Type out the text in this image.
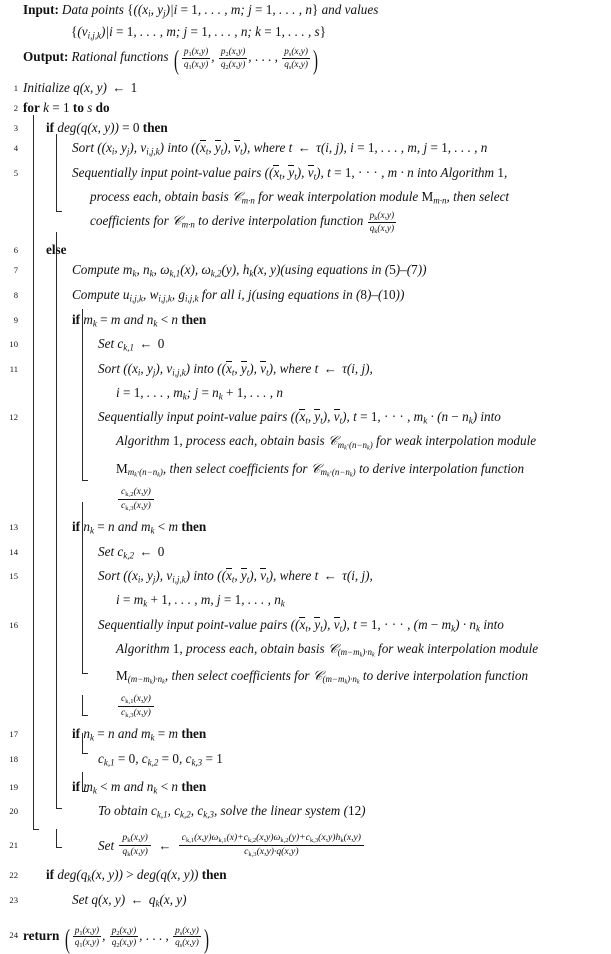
Input: Data points {(($x_i$, $y_j)|i = 1$, . . . , m; j = 1, . . . , n} and values
{$(v_{i,j,k})|i = 1$, . . . , m; j = 1, . . . , n; k = 1, . . . , s}
Output: Rational functions ( $\frac{p1(x,y)}{q1(x,y)}$ , $\frac{p2(x,y)}{q2(x,y)}$ , . . . , $\frac{ps(x,y)}{qs(x,y)}$ )
1 Initialize q(x, y) ← 1
2 for k = 1 to s do
3	if deg(q(x, y)) = 0 then
4	Sort (($x_i$, $y_j$), $v_{i,j,k}$) into (($x_t$, $y_t$), $v_t$), where t ← τ(i, j), i = 1, . . . , m, j = 1, . . . , n
5	Sequentially input point-value pairs (($x_t$, $y_t$), $v_t$), t = 1, · · · , m · n into Algorithm 1,
process each, obtain basis 𝒞$_{m\cdot n}$ for weak interpolation module $M_{m\cdot n}$, then select
coefficients for 𝒞$_{m\cdot n}$ to derive interpolation function $\frac{pk(x,y)}{qk(x,y)}$
6	else
7	Compute $m_k$, $n_k$, $\omega_{k,1}(x)$, $\omega_{k,2}(y)$, $h_k(x$, y)(using equations in (5)–(7))
8	Compute $u_{i,j,k}$, $w_{i,j,k}$, $g_{i,j,k}$ for all i, j(using equations in (8)–(10))
9	if $m_k = m$ and $n_k < n$ then
10	Set $c_{k,1}$ ← 0
11	Sort (($x_i$, $y_j$), $v_{i,j,k}$) into (($x_t$, $y_t$), $v_t$), where t ← τ(i, j),
i = 1, . . . , $m_k$; $j = n_k + 1$, . . . , n
12	Sequentially input point-value pairs (($x_t$, $y_t$), $v_t$), t = 1, · · · , $m_k \cdot (n - n_k)$ into
Algorithm 1, process each, obtain basis 𝒞$_{m_k\cdot(n-n_k)}$ for weak interpolation module
$M_{m_k\cdot(n-n_k)}$, then select coefficients for 𝒞$_{m_k\cdot(n-n_k)}$ to derive interpolation function
$\frac{ck,2(x,y)}{ck,3(x,y)}$
13	if $n_k = n$ and $m_k < m$ then
14	Set $c_{k,2}$ ← 0
15	Sort (($x_i$, $y_j$), $v_{i,j,k}$) into (($x_t$, $y_t$), $v_t$), where t ← τ(i, j),
$i = m_k + 1$, . . . , m, j = 1, . . . , $n_k$
16	Sequentially input point-value pairs (($x_t$, $y_t$), $v_t$), t = 1, · · · , $(m - m_k) \cdot n_k$ into
Algorithm 1, process each, obtain basis 𝒞$_{(m-m_k)\cdot n_k}$ for weak interpolation module
$M_{(m-m_k)\cdot n_k}$, then select coefficients for 𝒞$_{(m-m_k)\cdot n_k}$ to derive interpolation function
$\frac{ck,1(x,y)}{ck,3(x,y)}$
17	if $n_k = n$ and $m_k = m$ then
18	$c_{k,1} = 0$, $c_{k,2} = 0$, $c_{k,3} = 1$
19	if $m_k < m$ and $n_k < n$ then
20	To obtain $c_{k,1}$, $c_{k,2}$, $c_{k,3}$, solve the linear system (12)
21	Set $\frac{pk(x,y)}{qk(x,y)}$ ← $\frac{ck,1(x,y)\omega k,1(x)+ck,2(x,y)\omega k,2(y)+ck,3(x,y)hk(x,y)}{ck,3(x,y)\cdot q(x,y)}$
22	if $deg(q_k(x$, y)) > deg(q(x, y)) then
23	Set q(x, y) ← $q_k(x$, y)
24 return ( $\frac{p1(x,y)}{q1(x,y)}$ , $\frac{p2(x,y)}{q2(x,y)}$ , . . . , $\frac{ps(x,y)}{qs(x,y)}$ )
